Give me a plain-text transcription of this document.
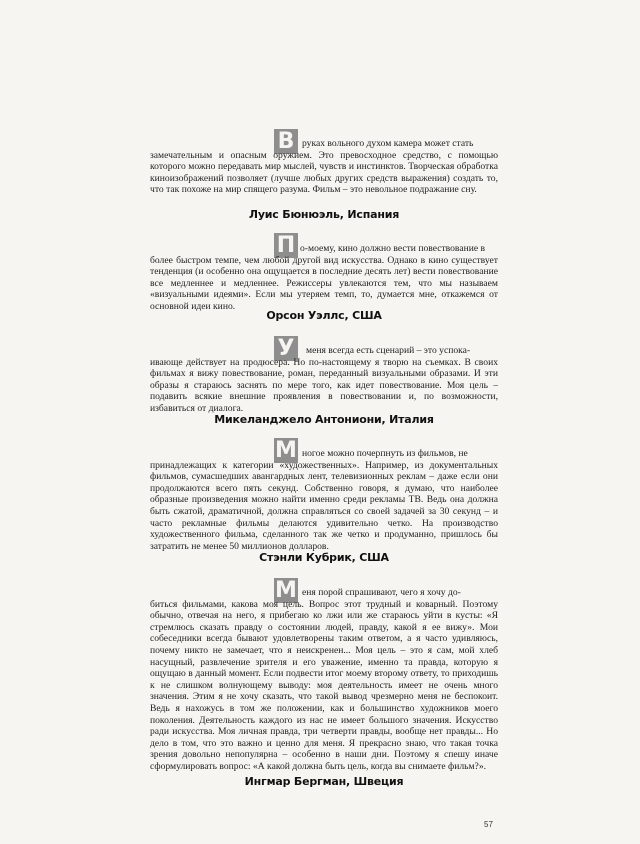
В руках вольного духом камера может стать
замечательным и опасным оружием. Это превосходное средство, с помощью которого можно передавать мир мыслей, чувств и инстинктов. Творческая обработка киноизображений позволяет (лучше любых других средств выражения) создать то, что так похоже на мир спящего разума. Фильм – это невольное подражание сну.

Луис Бюнюэль, Испания
П о-моему, кино должно вести повествование в
более быстром темпе, чем любой другой вид искусства. Однако в кино существует тенденция (и особенно она ощущается в последние десять лет) вести повествование все медленнее и медленнее. Режиссеры увлекаются тем, что мы называем «визуальными идеями». Если мы утеряем темп, то, думается мне, откажемся от основной идеи кино.

Орсон Уэллс, США
У	меня всегда есть сценарий – это успока-
ивающе действует на продюсера. Но по-настоящему я творю на съемках. В своих фильмах я вижу повествование, роман, переданный визуальными образами. И эти образы я стараюсь заснять по мере того, как идет повествование. Моя цель – подавить всякие внешние проявления в повествовании и, по возможности, избавиться от диалога.

Микеланджело Антониони, Италия
М ногое можно почерпнуть из фильмов, не
принадлежащих к категории «художественных». Например, из документальных фильмов, сумасшедших авангардных лент, телевизионных реклам – даже если они продолжаются всего пять секунд. Собственно говоря, я думаю, что наиболее образные произведения можно найти именно среди рекламы ТВ. Ведь она должна быть сжатой, драматичной, должна справляться со своей задачей за 30 секунд – и часто рекламные фильмы делаются удивительно четко. На производство художественного фильма, сделанного так же четко и продуманно, пришлось бы затратить не менее 50 миллионов долларов.

Стэнли Кубрик, США
М еня порой спрашивают, чего я хочу до-
биться фильмами, какова моя цель. Вопрос этот трудный и коварный. Поэтому обычно, отвечая на него, я прибегаю ко лжи или же стараюсь уйти в кусты: «Я стремлюсь сказать правду о состоянии людей, правду, какой я ее вижу». Мои собеседники всегда бывают удовлетворены таким ответом, а я часто удивляюсь, почему никто не замечает, что я неискренен... Моя цель – это я сам, мой хлеб насущный, развлечение зрителя и его уважение, именно та правда, которую я ощущаю в данный момент. Если подвести итог моему второму ответу, то приходишь к не слишком волнующему выводу: моя деятельность имеет не очень много значения. Этим я не хочу сказать, что такой вывод чрезмерно меня не беспокоит. Ведь я нахожусь в том же положении, как и большинство художников моего поколения. Деятельность каждого из нас не имеет большого значения. Искусство ради искусства. Моя личная правда, три четверти правды, вообще нет правды... Но дело в том, что это важно и ценно для меня. Я прекрасно знаю, что такая точка зрения довольно непопулярна – особенно в наши дни. Поэтому я спешу иначе сформулировать вопрос: «А какой должна быть цель, когда вы снимаете фильм?».

Ингмар Бергман, Швеция
57
